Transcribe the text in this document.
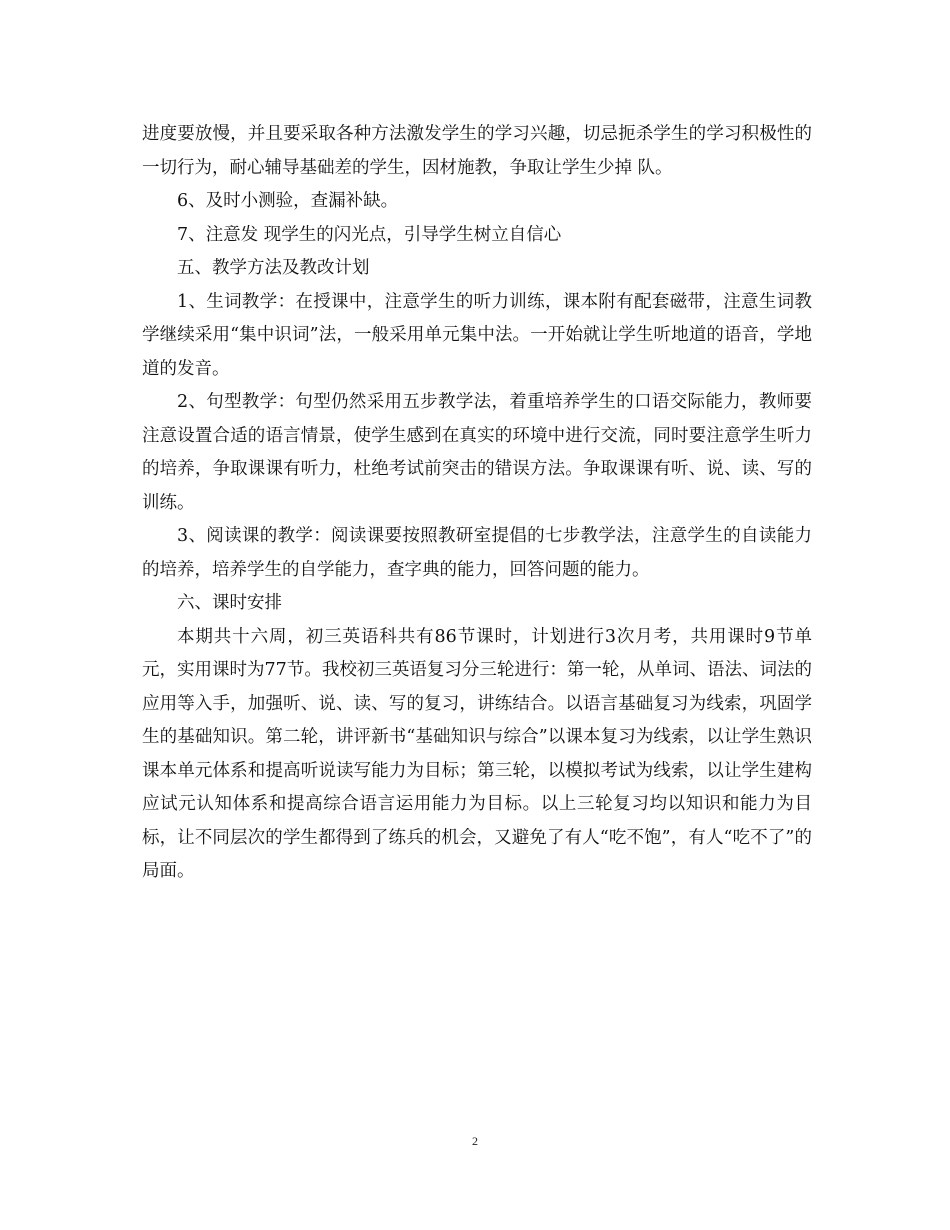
进度要放慢，并且要采取各种方法激发学生的学习兴趣，切忌扼杀学生的学习积极性的一切行为，耐心辅导基础差的学生，因材施教，争取让学生少掉 队。

6、及时小测验，查漏补缺。

7、注意发 现学生的闪光点，引导学生树立自信心

五、教学方法及教改计划

1、生词教学：在授课中，注意学生的听力训练，课本附有配套磁带，注意生词教学继续采用“集中识词”法，一般采用单元集中法。一开始就让学生听地道的语音，学地道的发音。

2、句型教学：句型仍然采用五步教学法，着重培养学生的口语交际能力，教师要注意设置合适的语言情景，使学生感到在真实的环境中进行交流，同时要注意学生听力的培养，争取课课有听力，杜绝考试前突击的错误方法。争取课课有听、说、读、写的训练。

3、阅读课的教学：阅读课要按照教研室提倡的七步教学法，注意学生的自读能力的培养，培养学生的自学能力，查字典的能力，回答问题的能力。

六、课时安排

本期共十六周，初三英语科共有86节课时，计划进行3次月考，共用课时9节单元，实用课时为77节。我校初三英语复习分三轮进行：第一轮，从单词、语法、词法的应用等入手，加强听、说、读、写的复习，讲练结合。以语言基础复习为线索，巩固学生的基础知识。第二轮，讲评新书“基础知识与综合”以课本复习为线索，以让学生熟识课本单元体系和提高听说读写能力为目标；第三轮，以模拟考试为线索，以让学生建构应试元认知体系和提高综合语言运用能力为目标。以上三轮复习均以知识和能力为目标，让不同层次的学生都得到了练兵的机会，又避免了有人“吃不饱”，有人“吃不了”的局面。

2
